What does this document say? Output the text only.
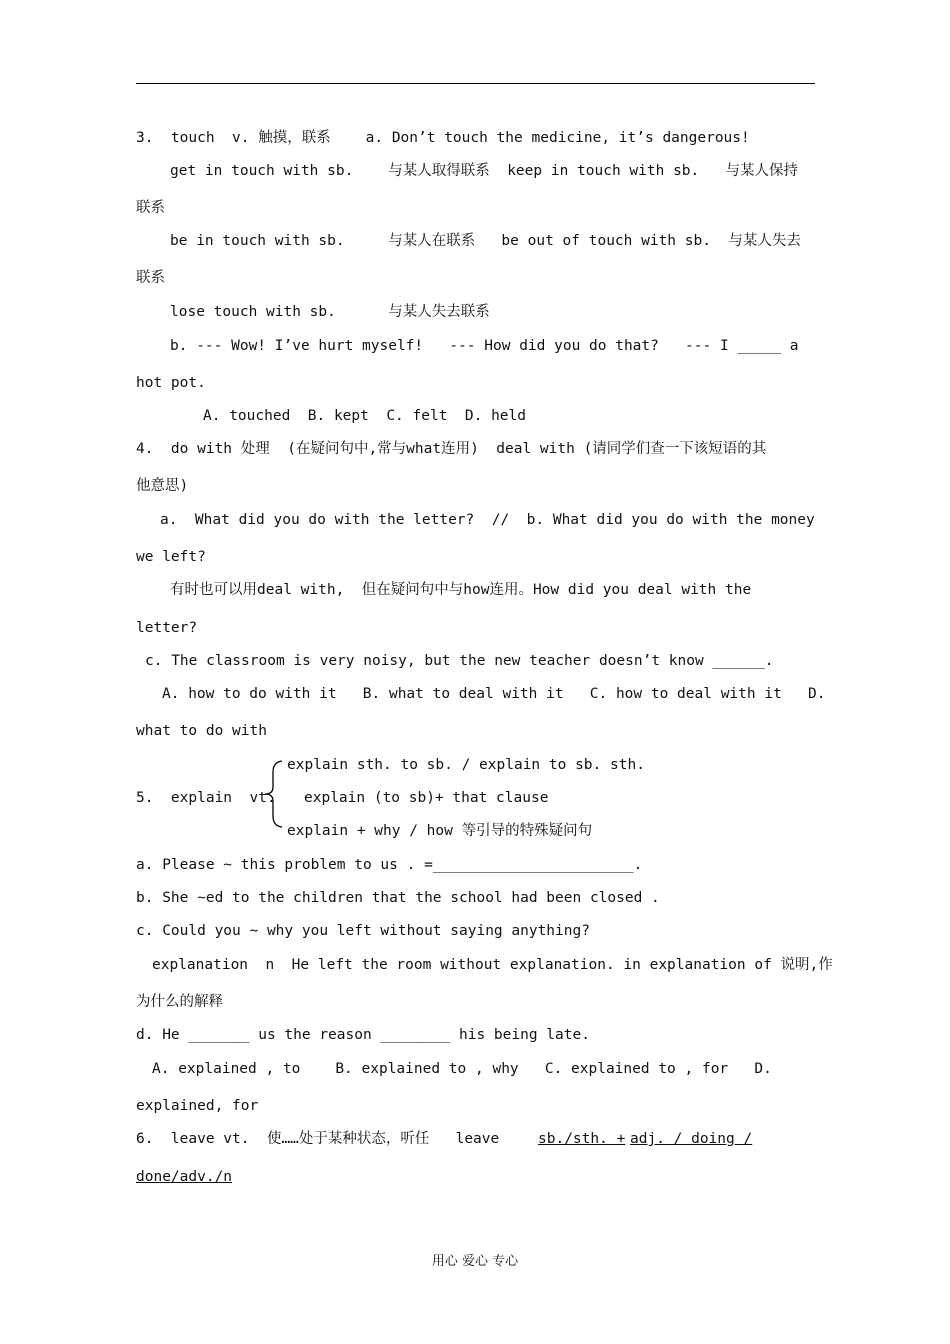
3.  touch  v. 触摸，联系    a. Don’t touch the medicine, it’s dangerous!
get in touch with sb.    与某人取得联系  keep in touch with sb.   与某人保持
联系
be in touch with sb.     与某人在联系   be out of touch with sb.  与某人失去
联系
lose touch with sb.      与某人失去联系
b. --- Wow! I’ve hurt myself!   --- How did you do that?   --- I _____ a
hot pot.
A. touched  B. kept  C. felt  D. held
4.  do with 处理  (在疑问句中,常与what连用)  deal with (请同学们查一下该短语的其
他意思)
a.  What did you do with the letter?  //  b. What did you do with the money
we left?
有时也可以用deal with,  但在疑问句中与how连用。How did you deal with the
letter?
c. The classroom is very noisy, but the new teacher doesn’t know ______.
A. how to do with it   B. what to deal with it   C. how to deal with it   D.
what to do with
explain sth. to sb. / explain to sb. sth.
5.  explain  vt. explain (to sb)+ that clause
explain + why / how 等引导的特殊疑问句
a. Please ~ this problem to us . =_______________________.
b. She ~ed to the children that the school had been closed .
c. Could you ~ why you left without saying anything?
explanation  n  He left the room without explanation. in explanation of 说明,作
为什么的解释
d. He _______ us the reason ________ his being late.
A. explained , to    B. explained to , why   C. explained to , for   D.
explained, for
6.  leave vt.  使……处于某种状态，听任   leave sb./sth. + adj. / doing /
done/adv./n
用心 爱心 专心
